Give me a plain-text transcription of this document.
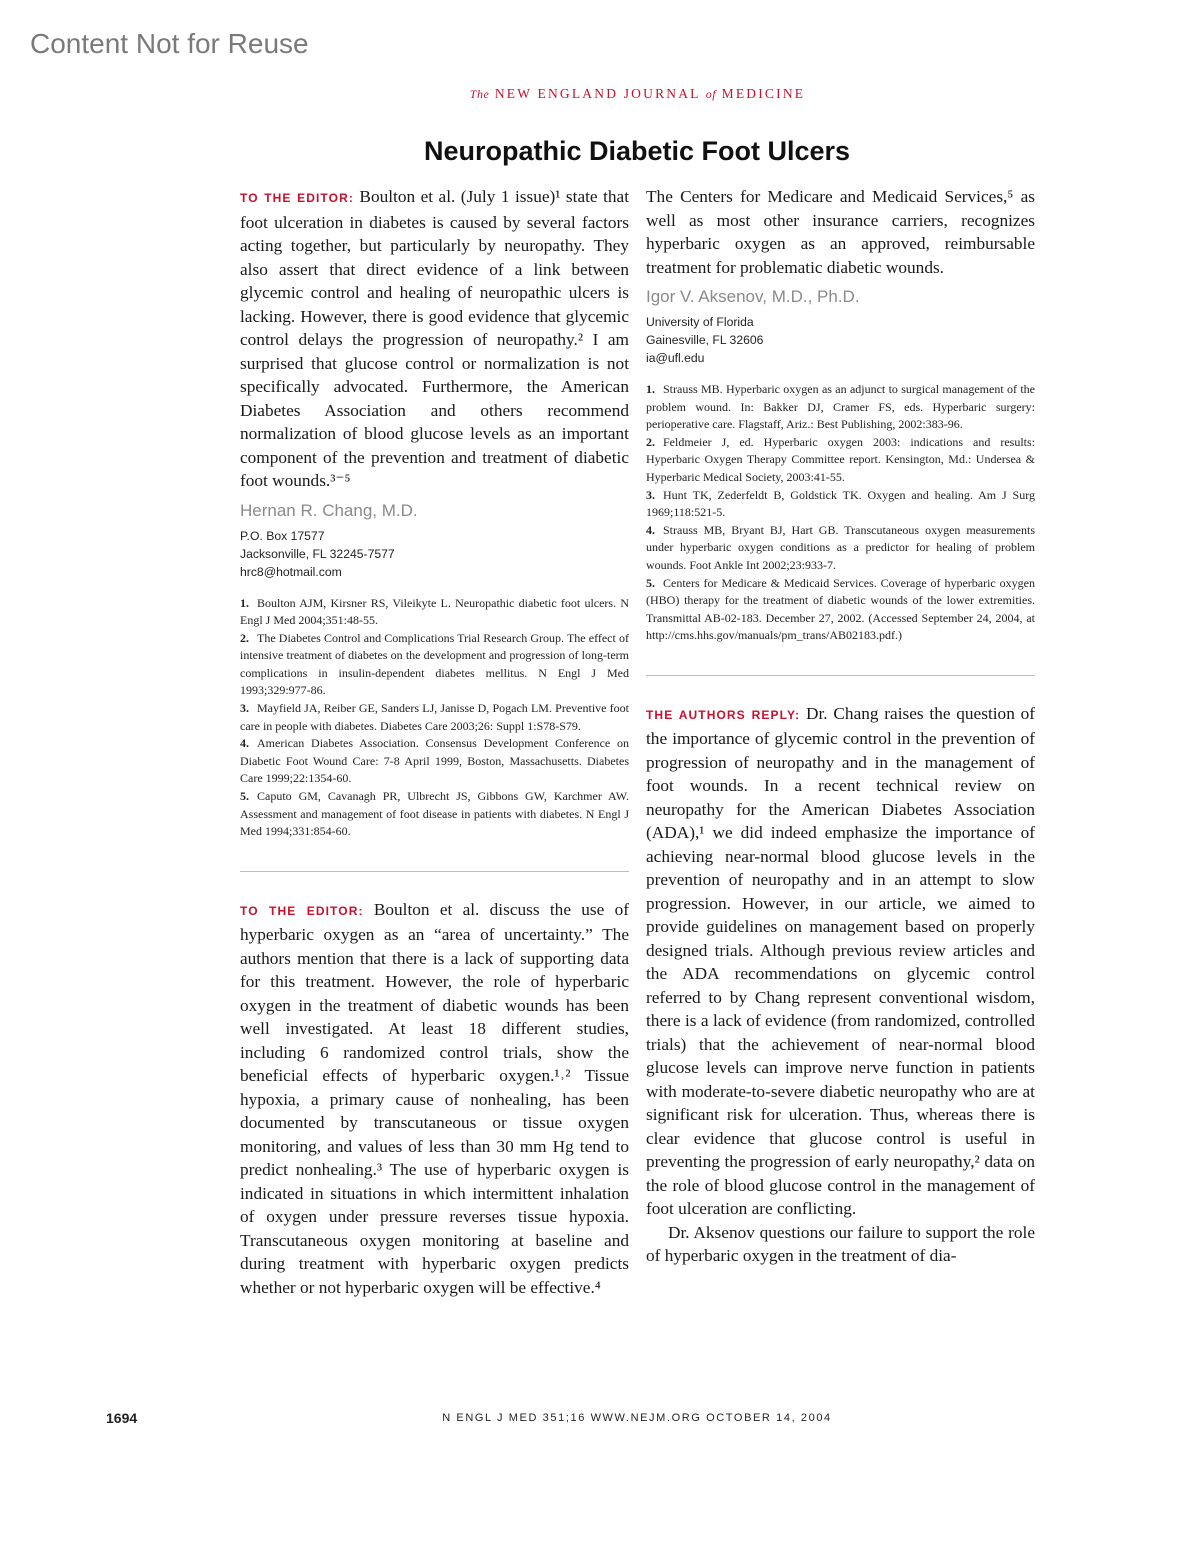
Content Not for Reuse
The NEW ENGLAND JOURNAL of MEDICINE
Neuropathic Diabetic Foot Ulcers

TO THE EDITOR: Boulton et al. (July 1 issue)¹ state that foot ulceration in diabetes is caused by several factors acting together, but particularly by neuropathy. They also assert that direct evidence of a link between glycemic control and healing of neuropathic ulcers is lacking. However, there is good evidence that glycemic control delays the progression of neuropathy.² I am surprised that glucose control or normalization is not specifically advocated. Furthermore, the American Diabetes Association and others recommend normalization of blood glucose levels as an important component of the prevention and treatment of diabetic foot wounds.³⁻⁵

Hernan R. Chang, M.D.
P.O. Box 17577
Jacksonville, FL 32245-7577
hrc8@hotmail.com
1. Boulton AJM, Kirsner RS, Vileikyte L. Neuropathic diabetic foot ulcers. N Engl J Med 2004;351:48-55.
2. The Diabetes Control and Complications Trial Research Group. The effect of intensive treatment of diabetes on the development and progression of long-term complications in insulin-dependent diabetes mellitus. N Engl J Med 1993;329:977-86.
3. Mayfield JA, Reiber GE, Sanders LJ, Janisse D, Pogach LM. Preventive foot care in people with diabetes. Diabetes Care 2003;26: Suppl 1:S78-S79.
4. American Diabetes Association. Consensus Development Conference on Diabetic Foot Wound Care: 7-8 April 1999, Boston, Massachusetts. Diabetes Care 1999;22:1354-60.
5. Caputo GM, Cavanagh PR, Ulbrecht JS, Gibbons GW, Karchmer AW. Assessment and management of foot disease in patients with diabetes. N Engl J Med 1994;331:854-60.

TO THE EDITOR: Boulton et al. discuss the use of hyperbaric oxygen as an “area of uncertainty.” The authors mention that there is a lack of supporting data for this treatment. However, the role of hyperbaric oxygen in the treatment of diabetic wounds has been well investigated. At least 18 different studies, including 6 randomized control trials, show the beneficial effects of hyperbaric oxygen.¹˒² Tissue hypoxia, a primary cause of nonhealing, has been documented by transcutaneous or tissue oxygen monitoring, and values of less than 30 mm Hg tend to predict nonhealing.³ The use of hyperbaric oxygen is indicated in situations in which intermittent inhalation of oxygen under pressure reverses tissue hypoxia. Transcutaneous oxygen monitoring at baseline and during treatment with hyperbaric oxygen predicts whether or not hyperbaric oxygen will be effective.⁴

The Centers for Medicare and Medicaid Services,⁵ as well as most other insurance carriers, recognizes hyperbaric oxygen as an approved, reimbursable treatment for problematic diabetic wounds.

Igor V. Aksenov, M.D., Ph.D.
University of Florida
Gainesville, FL 32606
ia@ufl.edu
1. Strauss MB. Hyperbaric oxygen as an adjunct to surgical management of the problem wound. In: Bakker DJ, Cramer FS, eds. Hyperbaric surgery: perioperative care. Flagstaff, Ariz.: Best Publishing, 2002:383-96.
2. Feldmeier J, ed. Hyperbaric oxygen 2003: indications and results: Hyperbaric Oxygen Therapy Committee report. Kensington, Md.: Undersea & Hyperbaric Medical Society, 2003:41-55.
3. Hunt TK, Zederfeldt B, Goldstick TK. Oxygen and healing. Am J Surg 1969;118:521-5.
4. Strauss MB, Bryant BJ, Hart GB. Transcutaneous oxygen measurements under hyperbaric oxygen conditions as a predictor for healing of problem wounds. Foot Ankle Int 2002;23:933-7.
5. Centers for Medicare & Medicaid Services. Coverage of hyperbaric oxygen (HBO) therapy for the treatment of diabetic wounds of the lower extremities. Transmittal AB-02-183. December 27, 2002. (Accessed September 24, 2004, at http://cms.hhs.gov/manuals/pm_trans/AB02183.pdf.)

THE AUTHORS REPLY: Dr. Chang raises the question of the importance of glycemic control in the prevention of progression of neuropathy and in the management of foot wounds. In a recent technical review on neuropathy for the American Diabetes Association (ADA),¹ we did indeed emphasize the importance of achieving near-normal blood glucose levels in the prevention of neuropathy and in an attempt to slow progression. However, in our article, we aimed to provide guidelines on management based on properly designed trials. Although previous review articles and the ADA recommendations on glycemic control referred to by Chang represent conventional wisdom, there is a lack of evidence (from randomized, controlled trials) that the achievement of near-normal blood glucose levels can improve nerve function in patients with moderate-to-severe diabetic neuropathy who are at significant risk for ulceration. Thus, whereas there is clear evidence that glucose control is useful in preventing the progression of early neuropathy,² data on the role of blood glucose control in the management of foot ulceration are conflicting.

Dr. Aksenov questions our failure to support the role of hyperbaric oxygen in the treatment of dia-

1694	N ENGL J MED 351;16 WWW.NEJM.ORG OCTOBER 14, 2004
